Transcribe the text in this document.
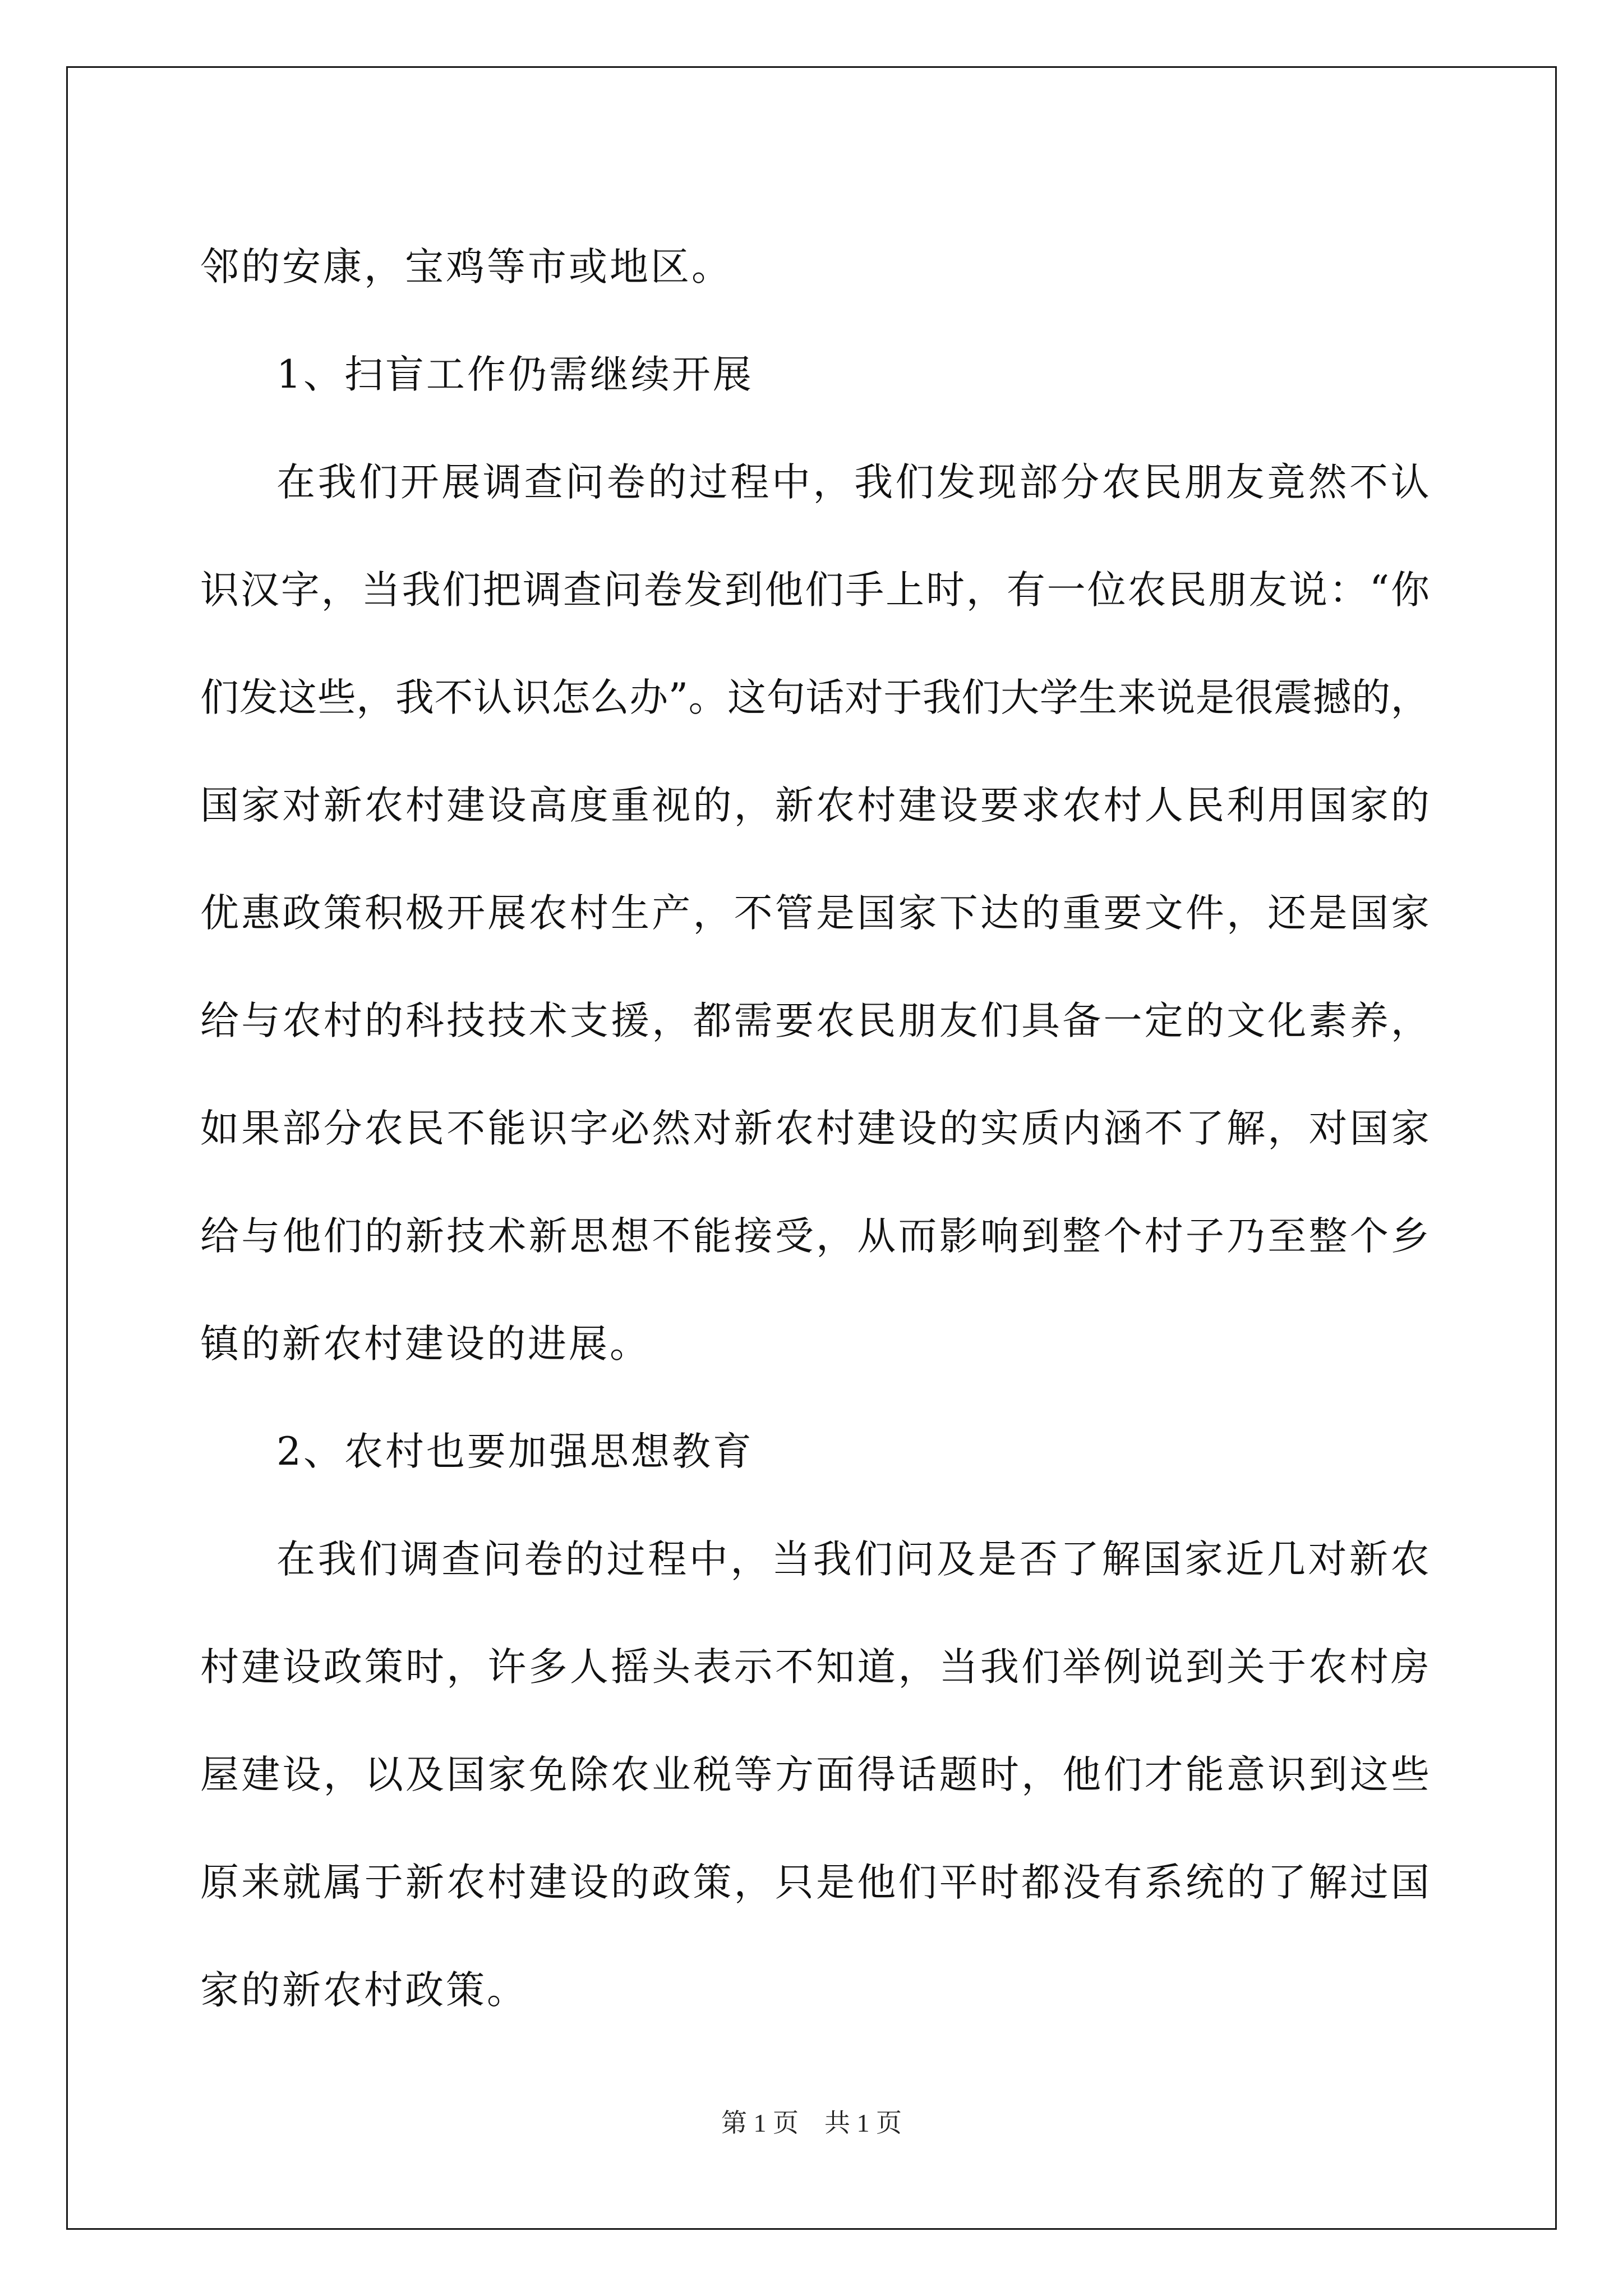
邻的安康，宝鸡等市或地区。
1、扫盲工作仍需继续开展
在 我 们 开 展 调 查 问 卷 的 过 程 中 ， 我 们 发 现 部 分 农 民 朋 友 竟 然 不 认
识 汉 字 ， 当 我 们 把 调 查 问 卷 发 到 他 们 手 上 时 ， 有 一 位 农 民 朋 友 说 ： “ 你
们 发 这 些 ， 我 不 认 识 怎 么 办 ” 。 这 句 话 对 于 我 们 大 学 生 来 说 是 很 震 撼 的 ，
国 家 对 新 农 村 建 设 高 度 重 视 的 ， 新 农 村 建 设 要 求 农 村 人 民 利 用 国 家 的
优 惠 政 策 积 极 开 展 农 村 生 产 ， 不 管 是 国 家 下 达 的 重 要 文 件 ， 还 是 国 家
给 与 农 村 的 科 技 技 术 支 援 ， 都 需 要 农 民 朋 友 们 具 备 一 定 的 文 化 素 养 ，
如 果 部 分 农 民 不 能 识 字 必 然 对 新 农 村 建 设 的 实 质 内 涵 不 了 解 ， 对 国 家
给 与 他 们 的 新 技 术 新 思 想 不 能 接 受 ， 从 而 影 响 到 整 个 村 子 乃 至 整 个 乡
镇的新农村建设的进展。
2、农村也要加强思想教育
在 我 们 调 查 问 卷 的 过 程 中 ， 当 我 们 问 及 是 否 了 解 国 家 近 几 对 新 农
村 建 设 政 策 时 ， 许 多 人 摇 头 表 示 不 知 道 ， 当 我 们 举 例 说 到 关 于 农 村 房
屋 建 设 ， 以 及 国 家 免 除 农 业 税 等 方 面 得 话 题 时 ， 他 们 才 能 意 识 到 这 些
原 来 就 属 于 新 农 村 建 设 的 政 策 ， 只 是 他 们 平 时 都 没 有 系 统 的 了 解 过 国
家的新农村政策。
第 1 页　共 1 页
